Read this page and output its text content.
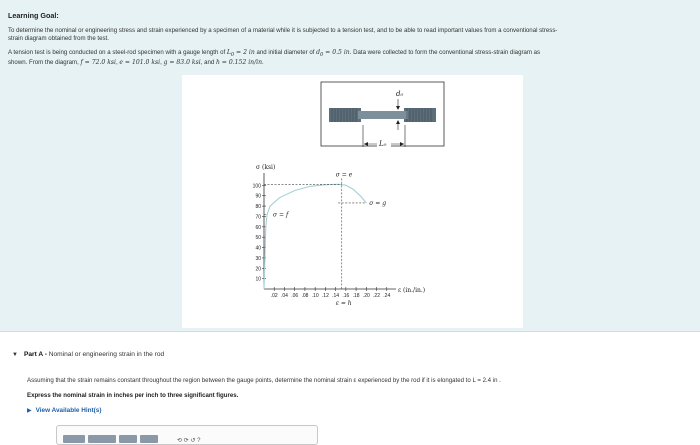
Learning Goal:
To determine the nominal or engineering stress and strain experienced by a specimen of a material while it is subjected to a tension test, and to be able to read important values from a conventional stress-
strain diagram obtained from the test.
A tension test is being conducted on a steel-rod specimen with a gauge length of $L_0 = 2$ in and initial diameter of $d_0 = 0.5$ in. Data were collected to form the conventional stress-strain diagram as
shown. From the diagram, f = 72.0 ksi, e = 101.0 ksi, g = 83.0 ksi, and h = 0.152 in/in.
d₀
L₀
10
20
30
40
50
60
70
80
90
100
.02 .04 .06 .08 .10 .12 .14 .16 .18 .20 .22 .24
σ (ksi)
ε (in./in.)
σ = e
σ = f
σ = g
ε = h
▼ Part A - Nominal or engineering strain in the rod
Assuming that the strain remains constant throughout the region between the gauge points, determine the nominal strain ε experienced by the rod if it is elongated to L = 2.4 in .
Express the nominal strain in inches per inch to three significant figures.
▶ View Available Hint(s)
⟲ ⟳ ↺ ?
